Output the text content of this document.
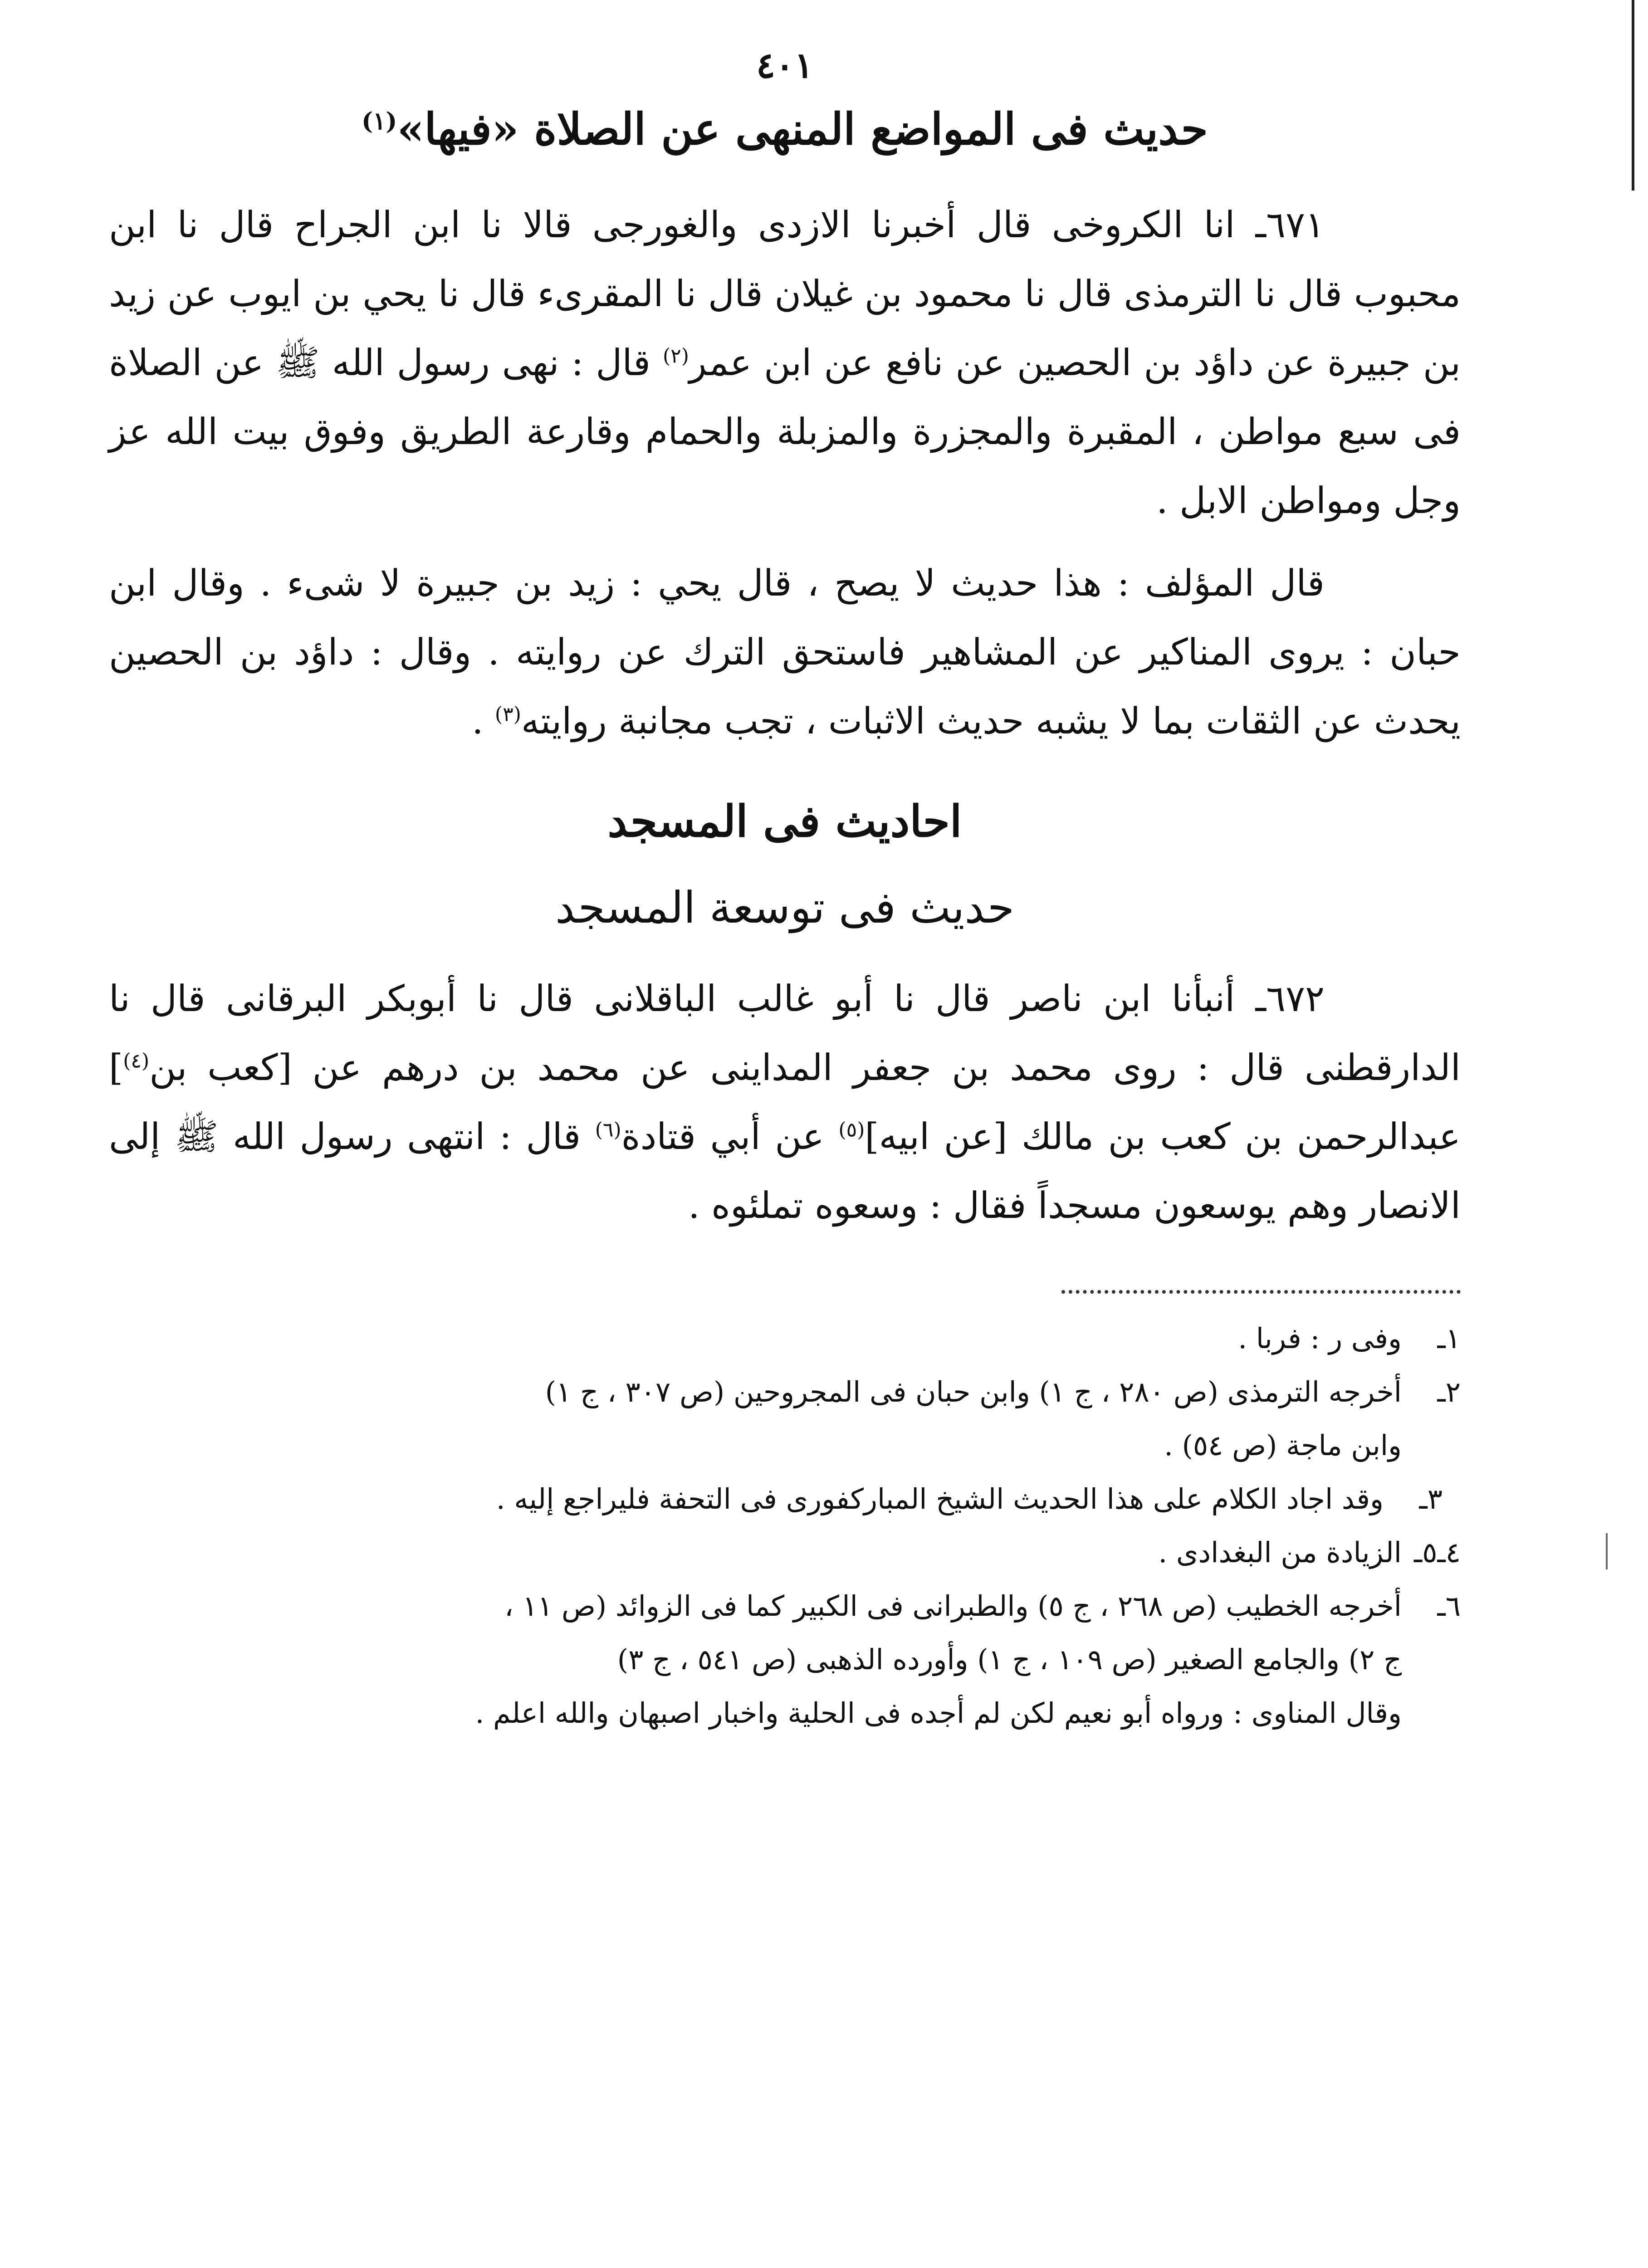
٤٠١
حديث فى المواضع المنهى عن الصلاة «فيها»$^{(١)}$

٦٧١ـ انا الكروخى قال أخبرنا الازدى والغورجى قالا نا ابن الجراح قال نا ابن محبوب قال نا الترمذى قال نا محمود بن غيلان قال نا المقرىء قال نا يحي بن ايوب عن زيد بن جبيرة عن داؤد بن الحصين عن نافع عن ابن عمر$^{(٢)}$ قال : نهى رسول الله ﷺ عن الصلاة فى سبع مواطن ، المقبرة والمجزرة والمزبلة والحمام وقارعة الطريق وفوق بيت الله عز وجل ومواطن الابل .

قال المؤلف : هذا حديث لا يصح ، قال يحي : زيد بن جبيرة لا شىء . وقال ابن حبان : يروى المناكير عن المشاهير فاستحق الترك عن روايته . وقال : داؤد بن الحصين يحدث عن الثقات بما لا يشبه حديث الاثبات ، تجب مجانبة روايته$^{(٣)}$ .

احاديث فى المسجد
حديث فى توسعة المسجد

٦٧٢ـ أنبأنا ابن ناصر قال نا أبو غالب الباقلانى قال نا أبوبكر البرقانى قال نا الدارقطنى قال : روى محمد بن جعفر المداينى عن محمد بن درهم عن [كعب بن$^{(٤)}$] عبدالرحمن بن كعب بن مالك [عن ابيه]$^{(٥)}$ عن أبي قتادة$^{(٦)}$ قال : انتهى رسول الله ﷺ إلى الانصار وهم يوسعون مسجداً فقال : وسعوه تملئوه .

١ـ
وفى ر : فربا .
٢ـ
أخرجه الترمذى (ص ٢٨٠ ، ج ١) وابن حبان فى المجروحين (ص ٣٠٧ ، ج ١)
وابن ماجة (ص ٥٤) .
٣ـ
وقد اجاد الكلام على هذا الحديث الشيخ المباركفورى فى التحفة فليراجع إليه .
٤ـ٥ـ
الزيادة من البغدادى .
٦ـ
أخرجه الخطيب (ص ٢٦٨ ، ج ٥) والطبرانى فى الكبير كما فى الزوائد (ص ١١ ،
ج ٢) والجامع الصغير (ص ١٠٩ ، ج ١) وأورده الذهبى (ص ٥٤١ ، ج ٣)
وقال المناوى : ورواه أبو نعيم لكن لم أجده فى الحلية واخبار اصبهان والله اعلم .
